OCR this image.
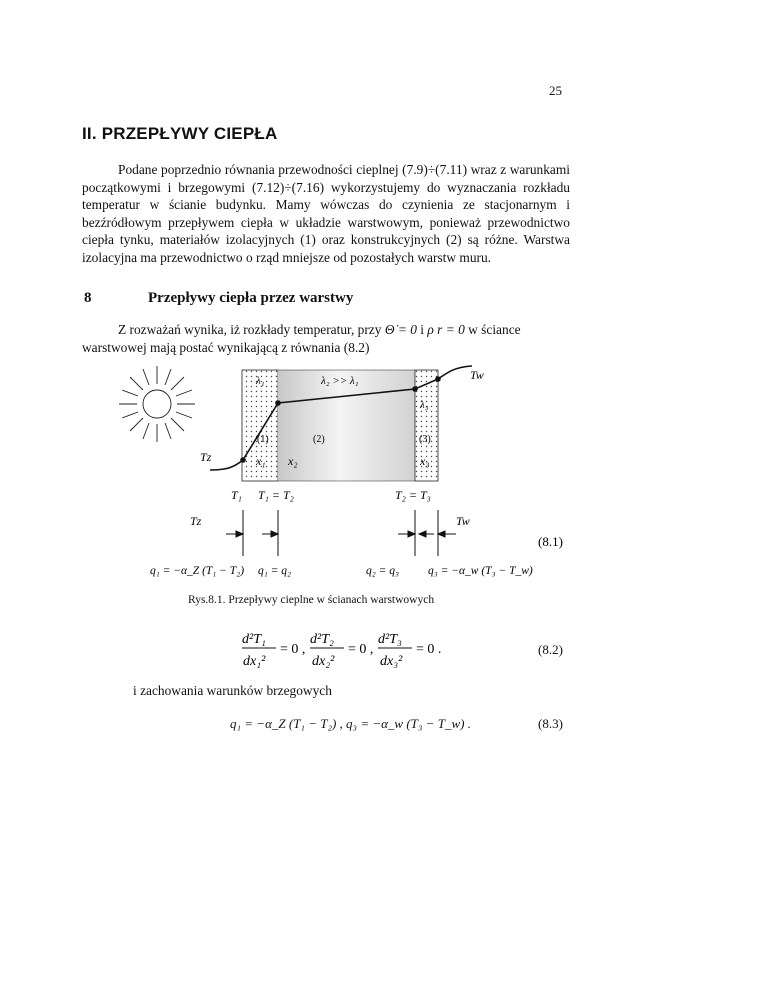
25
II. PRZEPŁYWY CIEPŁA
Podane poprzednio równania przewodności cieplnej (7.9)÷(7.11) wraz z warunkami początkowymi i brzegowymi (7.12)÷(7.16) wykorzystujemy do wyznaczania rozkładu temperatur w ścianie budynku. Mamy wówczas do czynienia ze stacjonarnym i bezźródłowym przepływem ciepła w układzie warstwowym, ponieważ przewodnictwo ciepła tynku, materiałów izolacyjnych (1) oraz konstrukcyjnych (2) są różne. Warstwa izolacyjna ma przewodnictwo o rząd mniejsze od pozostałych warstw muru.
8	Przepływy ciepła przez warstwy
Z rozważań wynika, iż rozkłady temperatur, przy Θ̇ = 0 i ρ r = 0 w ściance
warstwowej mają postać wynikającą z równania (8.2)
λ₁	λ₂ >> λ₁
λ₃
(1)	(2)	(3)
Tz
Tw
x₁ x₂	x₃
T₁ T₁ = T₂	T₂ = T₃
Tz	Tw
q₁ = −α_Z (T₁ − T₂) q₁ = q₂	q₂ = q₃	q₃ = −α_w (T₃ − T_w)
(8.1)
Rys.8.1. Przepływy cieplne w ścianach warstwowych
d²T₁
dx₁²
= 0 ,
d²T₂
dx₂²
= 0 ,
d²T₃
dx₃²
= 0 .	(8.2)
i zachowania warunków brzegowych
q₁ = −α_Z (T₁ − T₂) , q₃ = −α_w (T₃ − T_w) .	(8.3)
